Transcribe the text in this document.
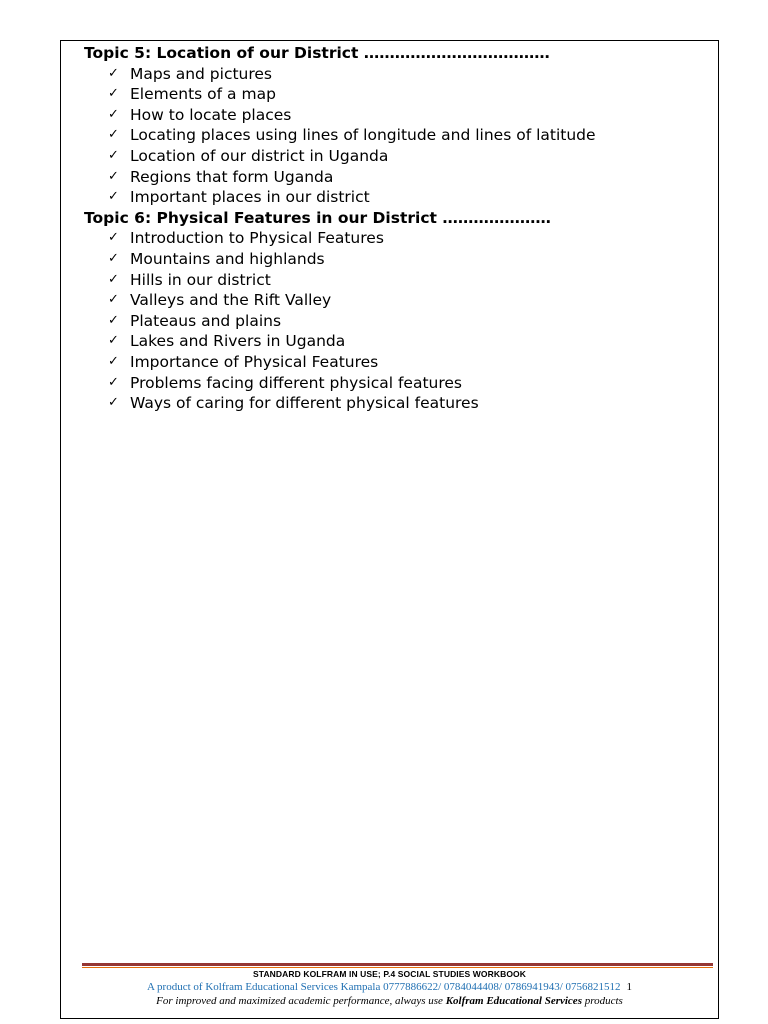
Topic 5: Location of our District ………………………………
✓ Maps and pictures
✓ Elements of a map
✓ How to locate places
✓ Locating places using lines of longitude and lines of latitude
✓ Location of our district in Uganda
✓ Regions that form Uganda
✓ Important places in our district
Topic 6: Physical Features in our District …………………
✓ Introduction to Physical Features
✓ Mountains and highlands
✓ Hills in our district
✓ Valleys and the Rift Valley
✓ Plateaus and plains
✓ Lakes and Rivers in Uganda
✓ Importance of Physical Features
✓ Problems facing different physical features
✓ Ways of caring for different physical features
STANDARD KOLFRAM IN USE; P.4 SOCIAL STUDIES WORKBOOK
A product of Kolfram Educational Services Kampala 0777886622/ 0784044408/ 0786941943/ 0756821512 1
For improved and maximized academic performance, always use Kolfram Educational Services products
